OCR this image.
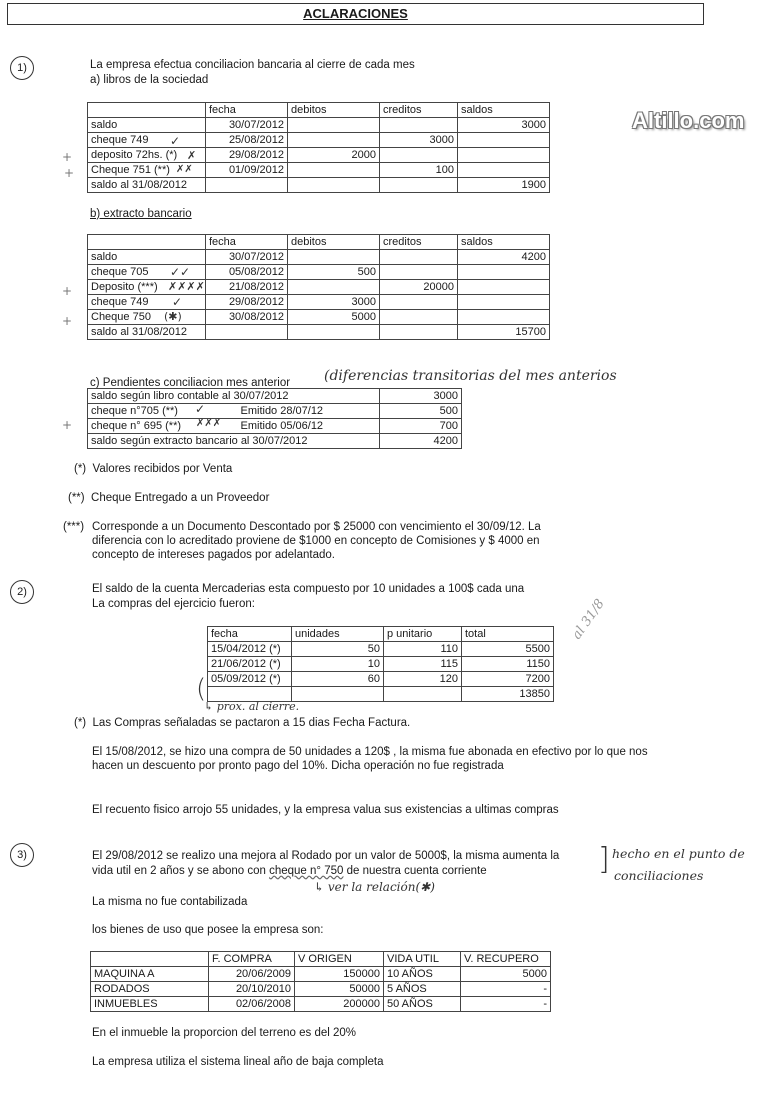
ACLARACIONES
Altillo.com
1)	La empresa efectua conciliacion bancaria al cierre de cada mes
a) libros de la sociedad
	fecha	debitos	creditos	saldos
saldo	30/07/2012			3000
cheque 749	25/08/2012		3000	
deposito 72hs. (*)	29/08/2012	2000		
Cheque 751 (**)	01/09/2012		100	
saldo al 31/08/2012				1900
✓
✗
✗✗
+
+
b) extracto bancario
	fecha	debitos	creditos	saldos
saldo	30/07/2012			4200
cheque 705	05/08/2012	500		
Deposito (***)	21/08/2012		20000	
cheque 749	29/08/2012	3000		
Cheque 750	30/08/2012	5000		
saldo al 31/08/2012				15700
✓✓
✗✗✗✗
✓
(✱)
+
+
c) Pendientes conciliacion mes anterior (diferencias transitorias del mes anterios
saldo según libro contable al 30/07/2012		3000
cheque n°705 (**)	Emitido 28/07/12	500
cheque n° 695 (**)	Emitido 05/06/12	700
saldo según extracto bancario al 30/07/2012		4200
✓
✗✗✗
+
(*) Valores recibidos por Venta
(**) Cheque Entregado a un Proveedor
(***) Corresponde a un Documento Descontado por $ 25000 con vencimiento el 30/09/12. La
diferencia con lo acreditado proviene de $1000 en concepto de Comisiones y $ 4000 en
concepto de intereses pagados por adelantado.
2)	El saldo de la cuenta Mercaderias esta compuesto por 10 unidades a 100$ cada una
La compras del ejercicio fueron:	al 31/8
fecha	unidades	p unitario	total
15/04/2012 (*)	50	110	5500
21/06/2012 (*)	10	115	1150
05/09/2012 (*)	60	120	7200
			13850
(
↳ prox. al cierre.
(*) Las Compras señaladas se pactaron a 15 dias Fecha Factura.
El 15/08/2012, se hizo una compra de 50 unidades a 120$ , la misma fue abonada en efectivo por lo que nos
hacen un descuento por pronto pago del 10%. Dicha operación no fue registrada
El recuento fisico arrojo 55 unidades, y la empresa valua sus existencias a ultimas compras
3)	El 29/08/2012 se realizo una mejora al Rodado por un valor de 5000$, la misma aumenta la
vida util en 2 años y se abono con cheque n° 750 de nuestra cuenta corriente
↳ ver la relación(✱)
] hecho en el punto de
conciliaciones
La misma no fue contabilizada
los bienes de uso que posee la empresa son:
	F. COMPRA	V ORIGEN	VIDA UTIL	V. RECUPERO
MAQUINA A	20/06/2009	150000	10 AÑOS	5000
RODADOS	20/10/2010	50000	5 AÑOS	-
INMUEBLES	02/06/2008	200000	50 AÑOS	-
En el inmueble la proporcion del terreno es del 20%
La empresa utiliza el sistema lineal año de baja completa
